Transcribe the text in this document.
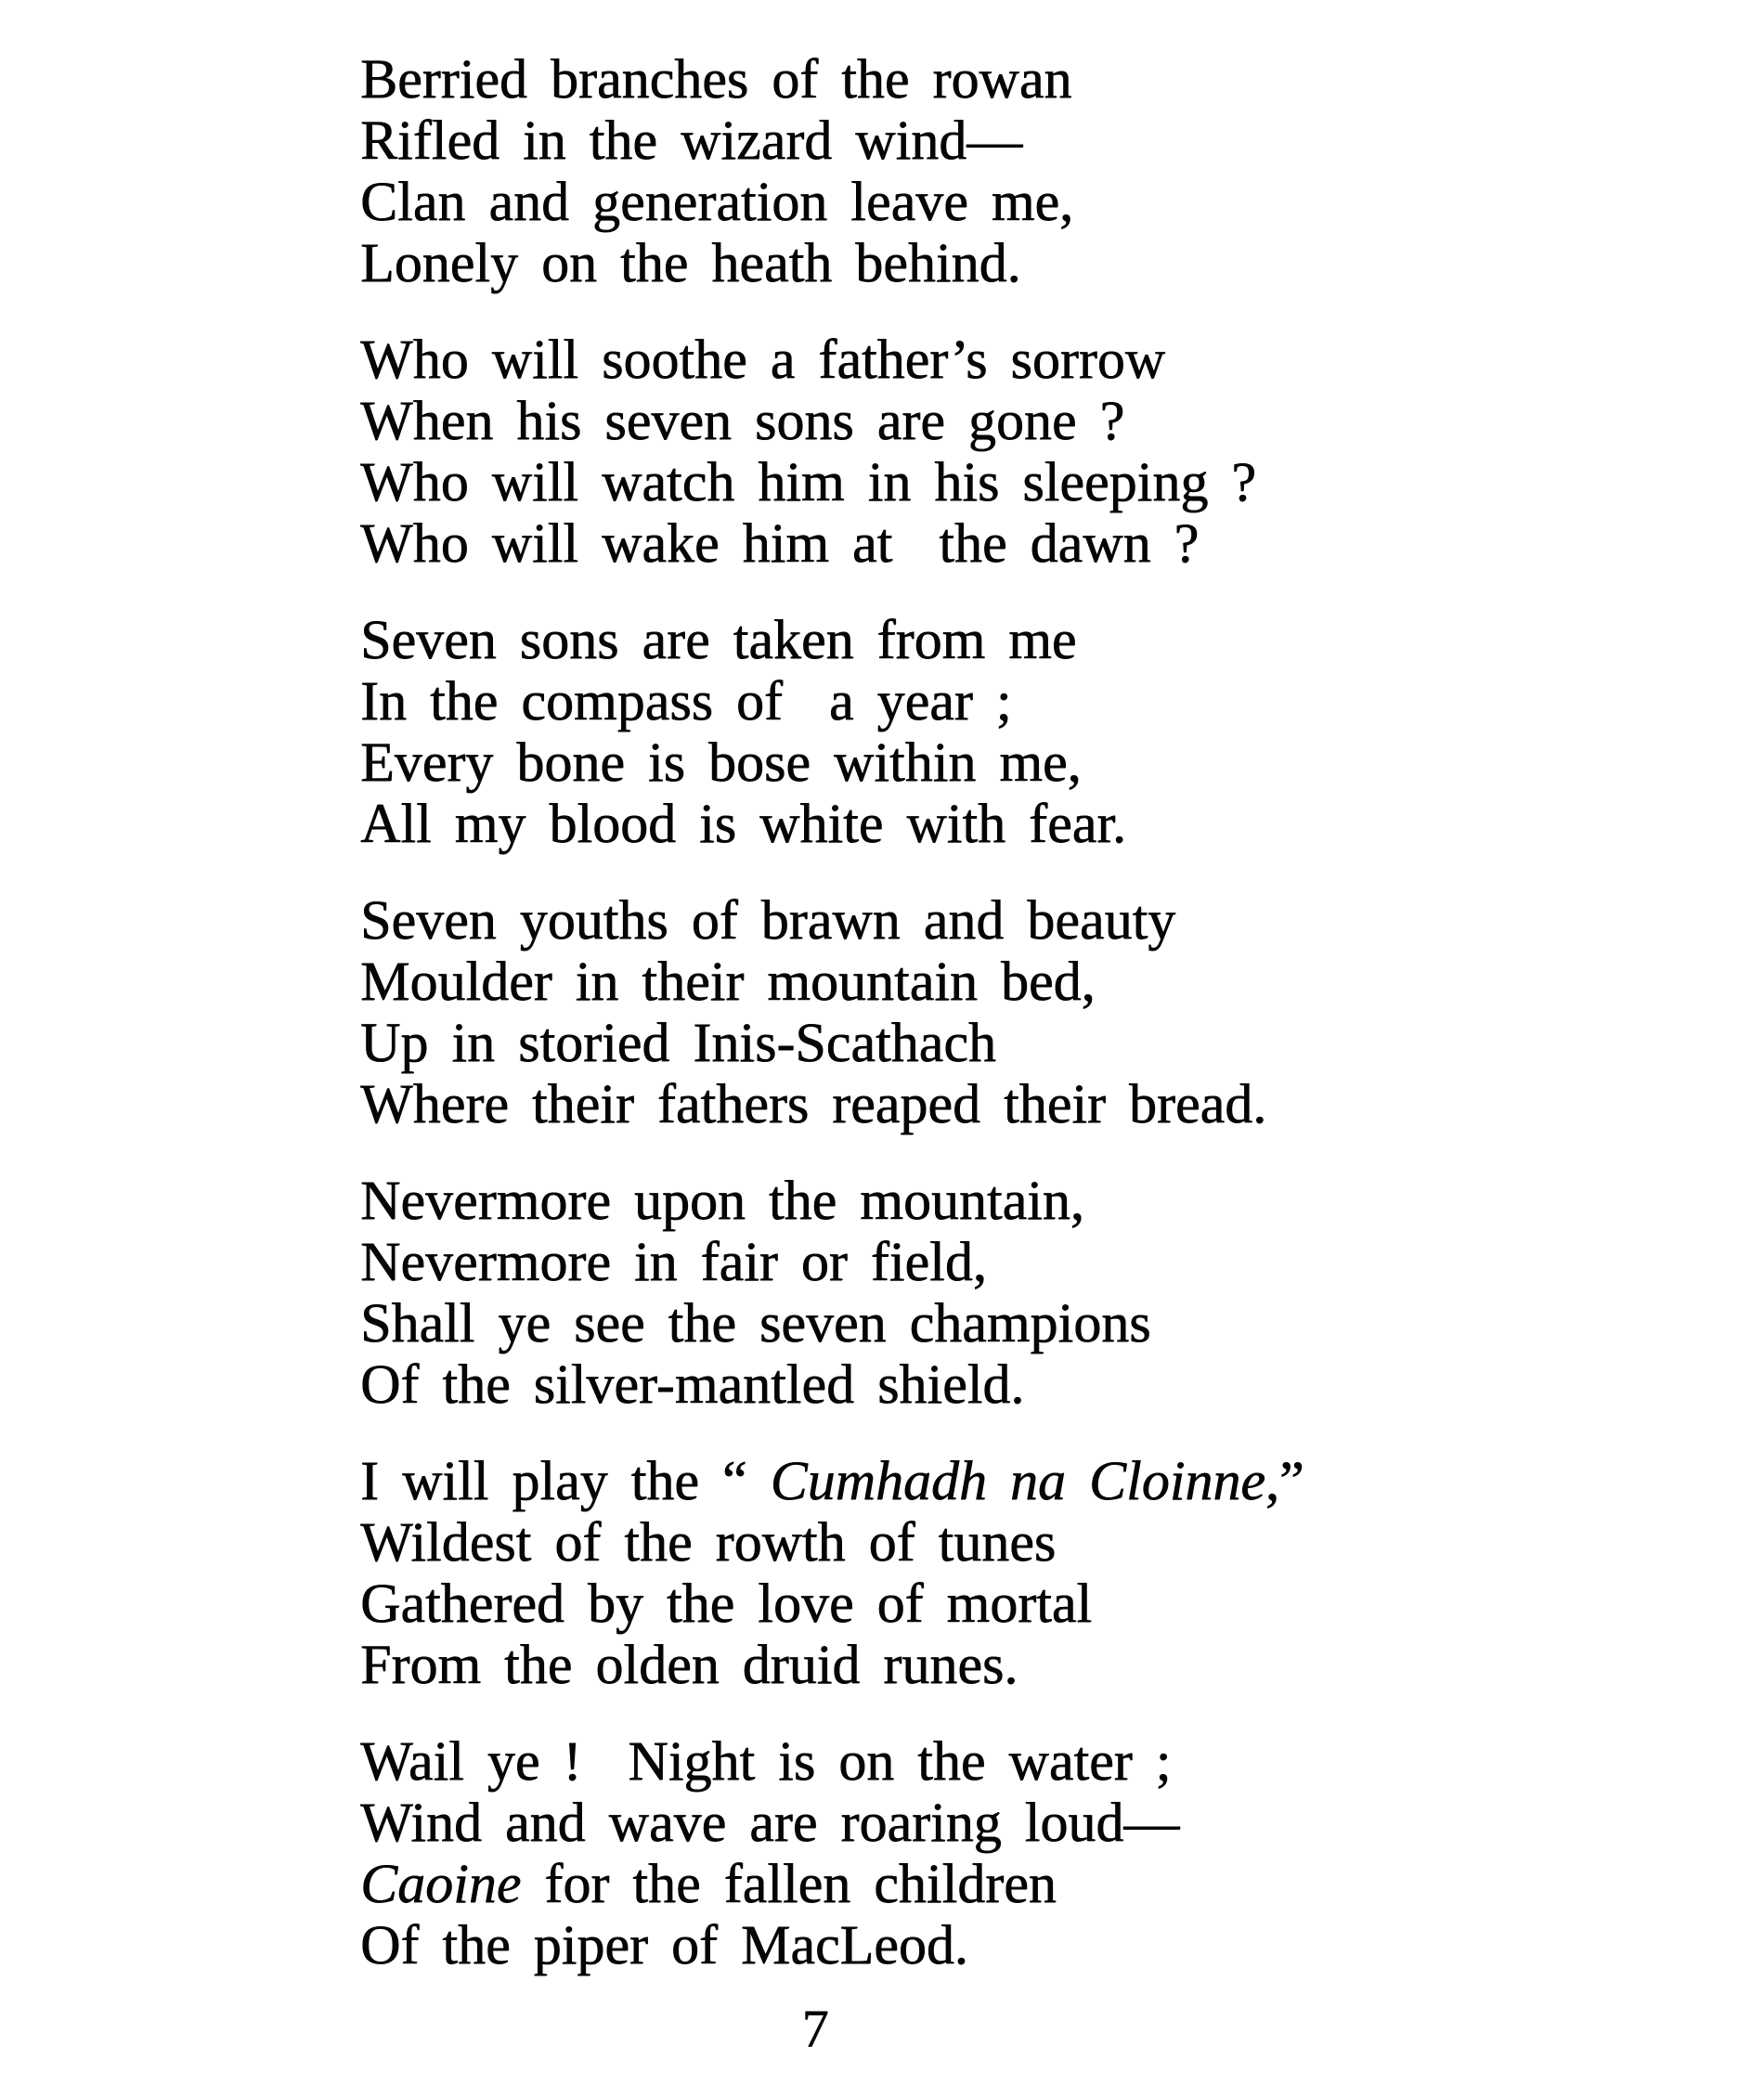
Berried branches of the rowan
Rifled in the wizard wind—
Clan and generation leave me,
Lonely on the heath behind.
Who will soothe a father’s sorrow
When his seven sons are gone ?
Who will watch him in his sleeping ?
Who will wake him at  the dawn ?
Seven sons are taken from me
In the compass of  a year ;
Every bone is bose within me,
All my blood is white with fear.
Seven youths of brawn and beauty
Moulder in their mountain bed,
Up in storied Inis-Scathach
Where their fathers reaped their bread.
Nevermore upon the mountain,
Nevermore in fair or field,
Shall ye see the seven champions
Of the silver-mantled shield.
I will play the “ Cumhadh na Cloinne,”
Wildest of the rowth of tunes
Gathered by the love of mortal
From the olden druid runes.
Wail ye !  Night is on the water ;
Wind and wave are roaring loud—
Caoine for the fallen children
Of the piper of MacLeod.
7
